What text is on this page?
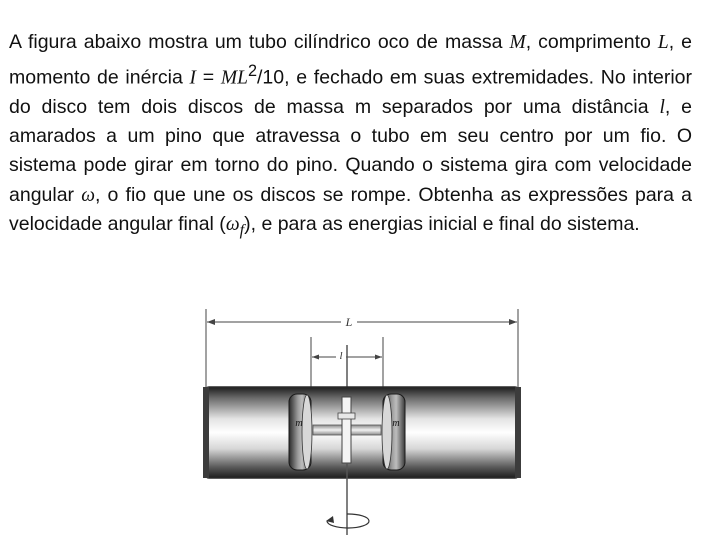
A figura abaixo mostra um tubo cilíndrico oco de massa M, comprimento L, e momento de inércia $I = ML^2/10$, e fechado em suas extremidades. No interior do disco tem dois discos de massa m separados por uma distância l, e amarados a um pino que atravessa o tubo em seu centro por um fio. O sistema pode girar em torno do pino. Quando o sistema gira com velocidade angular ω, o fio que une os discos se rompe. Obtenha as expressões para a velocidade angular final $(\omega_f)$, e para as energias inicial e final do sistema.

L
l
m	m
